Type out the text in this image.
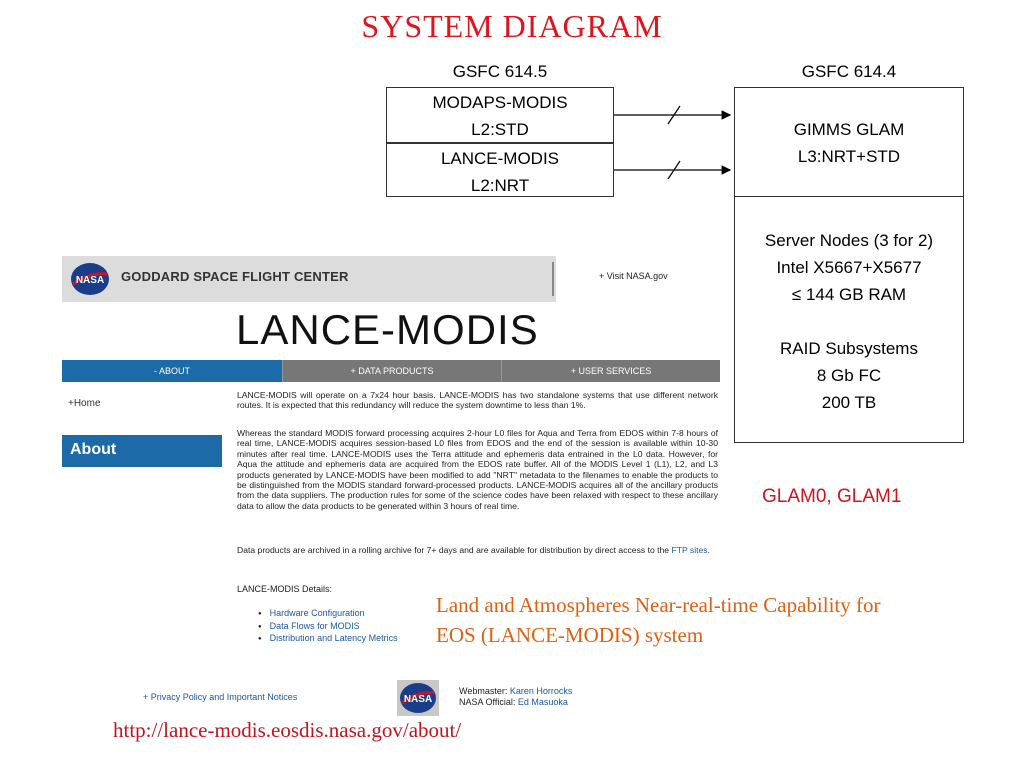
SYSTEM DIAGRAM
GSFC 614.5	GSFC 614.4
MODAPS-MODIS
L2:STD
LANCE-MODIS
L2:NRT
GIMMS GLAM
L3:NRT+STD
Server Nodes (3 for 2)
Intel X5667+X5677
≤ 144 GB RAM
RAID Subsystems
8 Gb FC
200 TB
GLAM0, GLAM1
NASA GODDARD SPACE FLIGHT CENTER	+ Visit NASA.gov
LANCE-MODIS
- ABOUT	+ DATA PRODUCTS	+ USER SERVICES
+Home
About
LANCE-MODIS will operate on a 7x24 hour basis. LANCE-MODIS has two standalone systems that use different network routes. It is expected that this redundancy will reduce the system downtime to less than 1%.
Whereas the standard MODIS forward processing acquires 2-hour L0 files for Aqua and Terra from EDOS within 7-8 hours of real time, LANCE-MODIS acquires session-based L0 files from EDOS and the end of the session is available within 10-30 minutes after real time. LANCE-MODIS uses the Terra attitude and ephemeris data entrained in the L0 data. However, for Aqua the attitude and ephemeris data are acquired from the EDOS rate buffer. All of the MODIS Level 1 (L1), L2, and L3 products generated by LANCE-MODIS have been modified to add "NRT" metadata to the filenames to enable the products to be distinguished from the MODIS standard forward-processed products. LANCE-MODIS acquires all of the ancillary products from the data suppliers. The production rules for some of the science codes have been relaxed with respect to these ancillary data to allow the data products to be generated within 3 hours of real time.
Data products are archived in a rolling archive for 7+ days and are available for distribution by direct access to the FTP sites.
LANCE-MODIS Details:
● Hardware Configuration
● Data Flows for MODIS
● Distribution and Latency Metrics
+ Privacy Policy and Important Notices	NASA
Webmaster: Karen Horrocks
NASA Official: Ed Masuoka
Land and Atmospheres Near-real-time Capability for
EOS (LANCE-MODIS) system
http://lance-modis.eosdis.nasa.gov/about/
